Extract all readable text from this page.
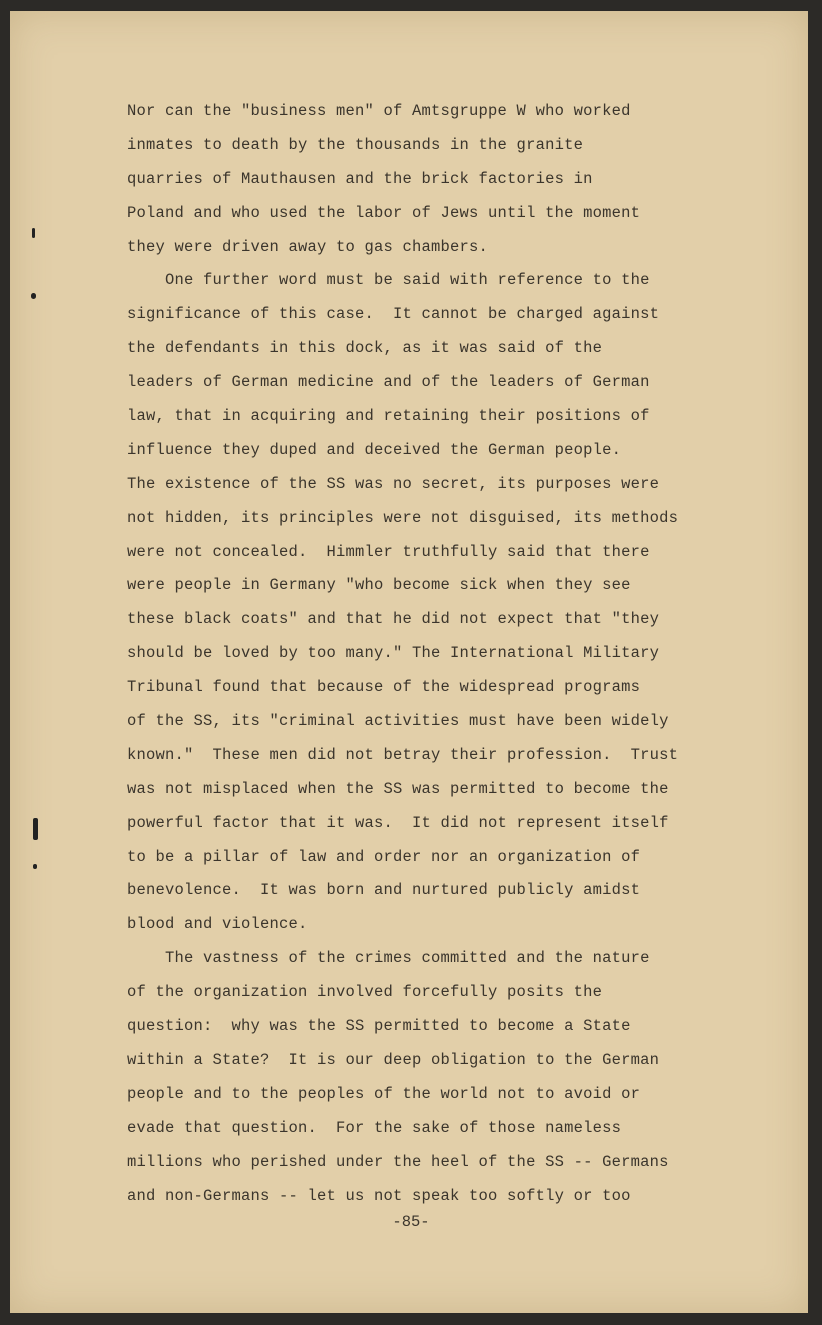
Nor can the "business men" of Amtsgruppe W who worked
inmates to death by the thousands in the granite
quarries of Mauthausen and the brick factories in
Poland and who used the labor of Jews until the moment
they were driven away to gas chambers.
One further word must be said with reference to the
significance of this case.  It cannot be charged against
the defendants in this dock, as it was said of the
leaders of German medicine and of the leaders of German
law, that in acquiring and retaining their positions of
influence they duped and deceived the German people.
The existence of the SS was no secret, its purposes were
not hidden, its principles were not disguised, its methods
were not concealed.  Himmler truthfully said that there
were people in Germany "who become sick when they see
these black coats" and that he did not expect that "they
should be loved by too many." The International Military
Tribunal found that because of the widespread programs
of the SS, its "criminal activities must have been widely
known."  These men did not betray their profession.  Trust
was not misplaced when the SS was permitted to become the
powerful factor that it was.  It did not represent itself
to be a pillar of law and order nor an organization of
benevolence.  It was born and nurtured publicly amidst
blood and violence.
The vastness of the crimes committed and the nature
of the organization involved forcefully posits the
question:  why was the SS permitted to become a State
within a State?  It is our deep obligation to the German
people and to the peoples of the world not to avoid or
evade that question.  For the sake of those nameless
millions who perished under the heel of the SS -- Germans
and non-Germans -- let us not speak too softly or too
-85-
